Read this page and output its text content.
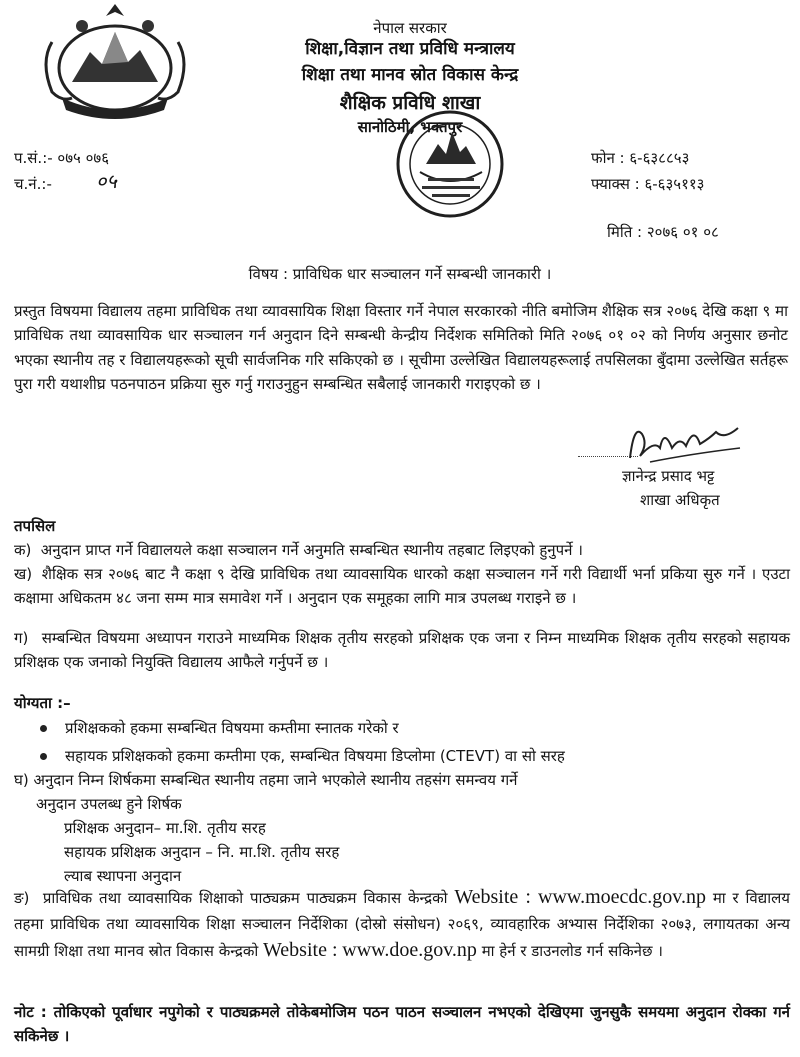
नेपाल सरकार
शिक्षा,विज्ञान तथा प्रविधि मन्त्रालय
शिक्षा तथा मानव स्रोत विकास केन्द्र
शैक्षिक प्रविधि शाखा
सानोठिमी, भक्तपुर
प.सं.:- ०७५ ०७६
च.नं.:- ०५
फोन : ६-६३८८५३
फ्याक्स : ६-६३५११३
मिति : २०७६ ०१ ०८
विषय : प्राविधिक धार सञ्चालन गर्ने सम्बन्धी जानकारी ।
प्रस्तुत विषयमा विद्यालय तहमा प्राविधिक तथा व्यावसायिक शिक्षा विस्तार गर्ने नेपाल सरकारको नीति बमोजिम शैक्षिक सत्र २०७६ देखि कक्षा ९ मा प्राविधिक तथा व्यावसायिक धार सञ्चालन गर्न अनुदान दिने सम्बन्धी केन्द्रीय निर्देशक समितिको मिति २०७६ ०१ ०२ को निर्णय अनुसार छनोट भएका स्थानीय तह र विद्यालयहरूको सूची सार्वजनिक गरि सकिएको छ । सूचीमा उल्लेखित विद्यालयहरूलाई तपसिलका बुँदामा उल्लेखित सर्तहरू पुरा गरी यथाशीघ्र पठनपाठन प्रक्रिया सुरु गर्नु गराउनुहुन सम्बन्धित सबैलाई जानकारी गराइएको छ ।
ज्ञानेन्द्र प्रसाद भट्ट
शाखा अधिकृत
तपसिल
क) अनुदान प्राप्त गर्ने विद्यालयले कक्षा सञ्चालन गर्ने अनुमति सम्बन्धित स्थानीय तहबाट लिइएको हुनुपर्ने ।
ख) शैक्षिक सत्र २०७६ बाट नै कक्षा ९ देखि प्राविधिक तथा व्यावसायिक धारको कक्षा सञ्चालन गर्ने गरी विद्यार्थी भर्ना प्रकिया सुरु गर्ने । एउटा कक्षामा अधिकतम ४८ जना सम्म मात्र समावेश गर्ने । अनुदान एक समूहका लागि मात्र उपलब्ध गराइने छ ।
ग) सम्बन्धित विषयमा अध्यापन गराउने माध्यमिक शिक्षक तृतीय सरहको प्रशिक्षक एक जना र निम्न माध्यमिक शिक्षक तृतीय सरहको सहायक प्रशिक्षक एक जनाको नियुक्ति विद्यालय आफैले गर्नुपर्ने छ ।
योग्यता :–
प्रशिक्षकको हकमा सम्बन्धित विषयमा कम्तीमा स्नातक गरेको र
सहायक प्रशिक्षकको हकमा कम्तीमा एक, सम्बन्धित विषयमा डिप्लोमा (CTEVT) वा सो सरह
घ) अनुदान निम्न शिर्षकमा सम्बन्धित स्थानीय तहमा जाने भएकोले स्थानीय तहसंग समन्वय गर्ने
अनुदान उपलब्ध हुने शिर्षक
प्रशिक्षक अनुदान– मा.शि. तृतीय सरह
सहायक प्रशिक्षक अनुदान – नि. मा.शि. तृतीय सरह
ल्याब स्थापना अनुदान
ङ) प्राविधिक तथा व्यावसायिक शिक्षाको पाठ्यक्रम पाठ्यक्रम विकास केन्द्रको Website : www.moecdc.gov.np मा र विद्यालय तहमा प्राविधिक तथा व्यावसायिक शिक्षा सञ्चालन निर्देशिका (दोस्रो संसोधन) २०६९, व्यावहारिक अभ्यास निर्देशिका २०७३, लगायतका अन्य सामग्री शिक्षा तथा मानव स्रोत विकास केन्द्रको Website : www.doe.gov.np मा हेर्न र डाउनलोड गर्न सकिनेछ ।
नोट : तोकिएको पूर्वाधार नपुगेको र पाठ्यक्रमले तोकेबमोजिम पठन पाठन सञ्चालन नभएको देखिएमा जुनसुकै समयमा अनुदान रोक्का गर्न सकिनेछ ।
